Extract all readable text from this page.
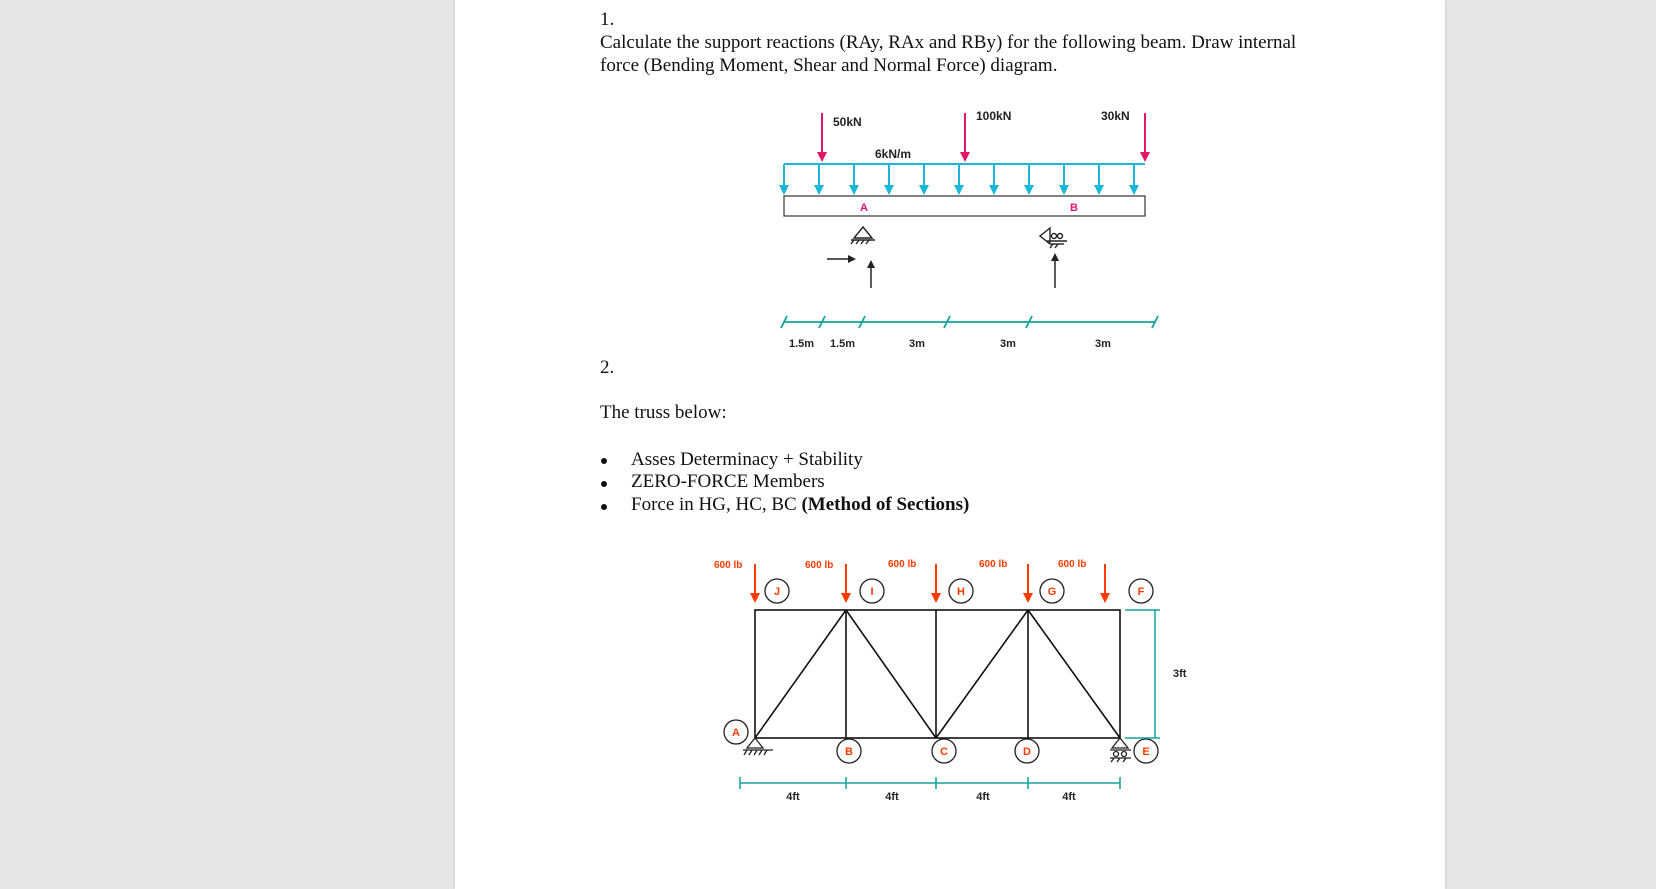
1.
Calculate the support reactions (RAy, RAx and RBy) for the following beam. Draw internal
force (Bending Moment, Shear and Normal Force) diagram.
50kN	100kN	30kN
6kN/m
A	B
1.5m 1.5m	3m	3m	3m
2.
The truss below:
Asses Determinacy + Stability
ZERO-FORCE Members
Force in HG, HC, BC (Method of Sections)
600 lb	600 lb	600 lb	600 lb
600 lb
J	I	H	G	F
A
B	C	D	E
3ft
4ft	4ft	4ft	4ft
